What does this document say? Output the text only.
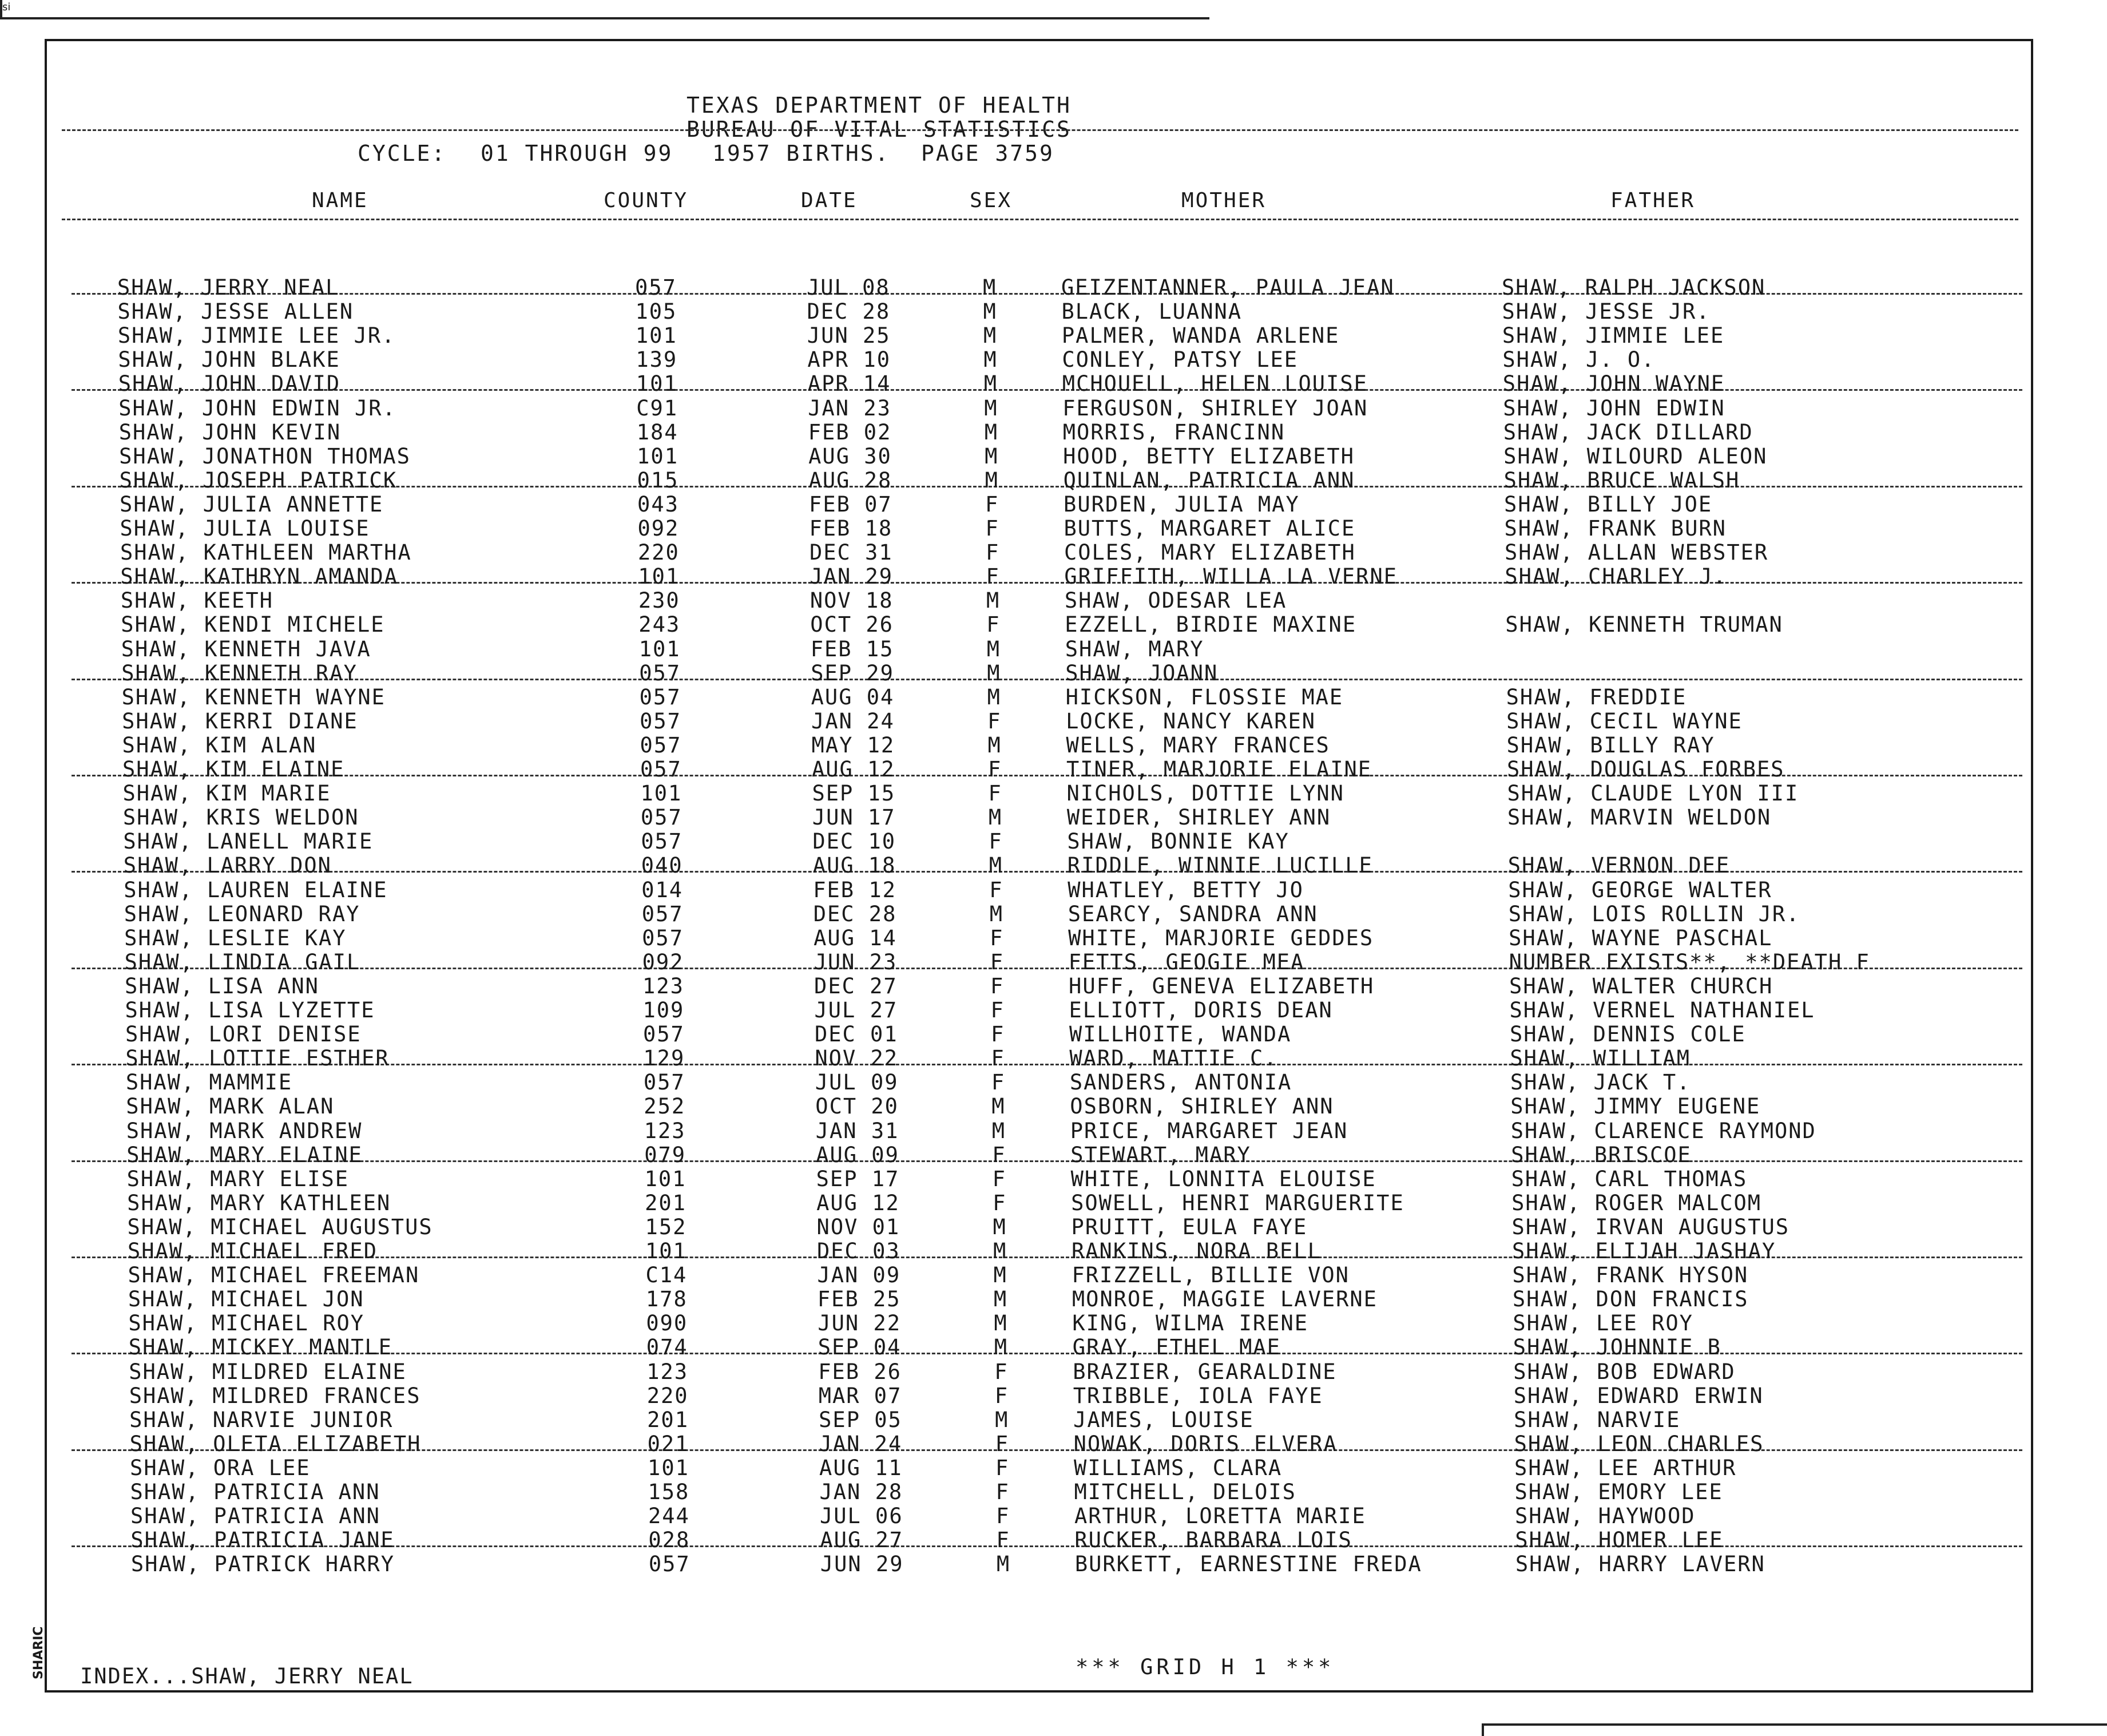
si
TEXAS DEPARTMENT OF HEALTH
BUREAU OF VITAL STATISTICS
CYCLE: 01 THROUGH 99 1957 BIRTHS. PAGE 3759
NAME	COUNTY	DATE	SEX	MOTHER	FATHER
SHAW, JERRY NEAL	057	JUL 08	M	GEIZENTANNER, PAULA JEAN	SHAW, RALPH JACKSON
SHAW, JESSE ALLEN	105	DEC 28	M	BLACK, LUANNA	SHAW, JESSE JR.
SHAW, JIMMIE LEE JR.	101	JUN 25	M	PALMER, WANDA ARLENE	SHAW, JIMMIE LEE
SHAW, JOHN BLAKE	139	APR 10	M	CONLEY, PATSY LEE	SHAW, J. O.
SHAW, JOHN DAVID	101	APR 14	M	MCHOUELL, HELEN LOUISE	SHAW, JOHN WAYNE
SHAW, JOHN EDWIN JR.	C91	JAN 23	M	FERGUSON, SHIRLEY JOAN	SHAW, JOHN EDWIN
SHAW, JOHN KEVIN	184	FEB 02	M	MORRIS, FRANCINN	SHAW, JACK DILLARD
SHAW, JONATHON THOMAS	101	AUG 30	M	HOOD, BETTY ELIZABETH	SHAW, WILOURD ALEON
SHAW, JOSEPH PATRICK	015	AUG 28	M	QUINLAN, PATRICIA ANN	SHAW, BRUCE WALSH
SHAW, JULIA ANNETTE	043	FEB 07	F	BURDEN, JULIA MAY	SHAW, BILLY JOE
SHAW, JULIA LOUISE	092	FEB 18	F	BUTTS, MARGARET ALICE	SHAW, FRANK BURN
SHAW, KATHLEEN MARTHA	220	DEC 31	F	COLES, MARY ELIZABETH	SHAW, ALLAN WEBSTER
SHAW, KATHRYN AMANDA	101	JAN 29	F	GRIFFITH, WILLA LA VERNE	SHAW, CHARLEY J.
SHAW, KEETH	230	NOV 18	M	SHAW, ODESAR LEA
SHAW, KENDI MICHELE	243	OCT 26	F	EZZELL, BIRDIE MAXINE	SHAW, KENNETH TRUMAN
SHAW, KENNETH JAVA	101	FEB 15	M	SHAW, MARY
SHAW, KENNETH RAY	057	SEP 29	M	SHAW, JOANN
SHAW, KENNETH WAYNE	057	AUG 04	M	HICKSON, FLOSSIE MAE	SHAW, FREDDIE
SHAW, KERRI DIANE	057	JAN 24	F	LOCKE, NANCY KAREN	SHAW, CECIL WAYNE
SHAW, KIM ALAN	057	MAY 12	M	WELLS, MARY FRANCES	SHAW, BILLY RAY
SHAW, KIM ELAINE	057	AUG 12	F	TINER, MARJORIE ELAINE	SHAW, DOUGLAS FORBES
SHAW, KIM MARIE	101	SEP 15	F	NICHOLS, DOTTIE LYNN	SHAW, CLAUDE LYON III
SHAW, KRIS WELDON	057	JUN 17	M	WEIDER, SHIRLEY ANN	SHAW, MARVIN WELDON
SHAW, LANELL MARIE	057	DEC 10	F	SHAW, BONNIE KAY
SHAW, LARRY DON	040	AUG 18	M	RIDDLE, WINNIE LUCILLE	SHAW, VERNON DEE
SHAW, LAUREN ELAINE	014	FEB 12	F	WHATLEY, BETTY JO	SHAW, GEORGE WALTER
SHAW, LEONARD RAY	057	DEC 28	M	SEARCY, SANDRA ANN	SHAW, LOIS ROLLIN JR.
SHAW, LESLIE KAY	057	AUG 14	F	WHITE, MARJORIE GEDDES	SHAW, WAYNE PASCHAL
SHAW, LINDIA GAIL	092	JUN 23	F	FETTS, GEOGIE MEA	NUMBER EXISTS**, **DEATH F
SHAW, LISA ANN	123	DEC 27	F	HUFF, GENEVA ELIZABETH	SHAW, WALTER CHURCH
SHAW, LISA LYZETTE	109	JUL 27	F	ELLIOTT, DORIS DEAN	SHAW, VERNEL NATHANIEL
SHAW, LORI DENISE	057	DEC 01	F	WILLHOITE, WANDA	SHAW, DENNIS COLE
SHAW, LOTTIE ESTHER	129	NOV 22	F	WARD, MATTIE C.	SHAW, WILLIAM
SHAW, MAMMIE	057	JUL 09	F	SANDERS, ANTONIA	SHAW, JACK T.
SHAW, MARK ALAN	252	OCT 20	M	OSBORN, SHIRLEY ANN	SHAW, JIMMY EUGENE
SHAW, MARK ANDREW	123	JAN 31	M	PRICE, MARGARET JEAN	SHAW, CLARENCE RAYMOND
SHAW, MARY ELAINE	079	AUG 09	F	STEWART, MARY	SHAW, BRISCOE
SHAW, MARY ELISE	101	SEP 17	F	WHITE, LONNITA ELOUISE	SHAW, CARL THOMAS
SHAW, MARY KATHLEEN	201	AUG 12	F	SOWELL, HENRI MARGUERITE	SHAW, ROGER MALCOM
SHAW, MICHAEL AUGUSTUS	152	NOV 01	M	PRUITT, EULA FAYE	SHAW, IRVAN AUGUSTUS
SHAW, MICHAEL FRED	101	DEC 03	M	RANKINS, NORA BELL	SHAW, ELIJAH JASHAY
SHAW, MICHAEL FREEMAN	C14	JAN 09	M	FRIZZELL, BILLIE VON	SHAW, FRANK HYSON
SHAW, MICHAEL JON	178	FEB 25	M	MONROE, MAGGIE LAVERNE	SHAW, DON FRANCIS
SHAW, MICHAEL ROY	090	JUN 22	M	KING, WILMA IRENE	SHAW, LEE ROY
SHAW, MICKEY MANTLE	074	SEP 04	M	GRAY, ETHEL MAE	SHAW, JOHNNIE B
SHAW, MILDRED ELAINE	123	FEB 26	F	BRAZIER, GEARALDINE	SHAW, BOB EDWARD
SHAW, MILDRED FRANCES	220	MAR 07	F	TRIBBLE, IOLA FAYE	SHAW, EDWARD ERWIN
SHAW, NARVIE JUNIOR	201	SEP 05	M	JAMES, LOUISE	SHAW, NARVIE
SHAW, OLETA ELIZABETH	021	JAN 24	F	NOWAK, DORIS ELVERA	SHAW, LEON CHARLES
SHAW, ORA LEE	101	AUG 11	F	WILLIAMS, CLARA	SHAW, LEE ARTHUR
SHAW, PATRICIA ANN	158	JAN 28	F	MITCHELL, DELOIS	SHAW, EMORY LEE
SHAW, PATRICIA ANN	244	JUL 06	F	ARTHUR, LORETTA MARIE	SHAW, HAYWOOD
SHAW, PATRICIA JANE	028	AUG 27	F	RUCKER, BARBARA LOIS	SHAW, HOMER LEE
SHAW, PATRICK HARRY	057	JUN 29	M	BURKETT, EARNESTINE FREDA	SHAW, HARRY LAVERN
INDEX...SHAW, JERRY NEAL	*** GRID H 1 ***
SHARIC
